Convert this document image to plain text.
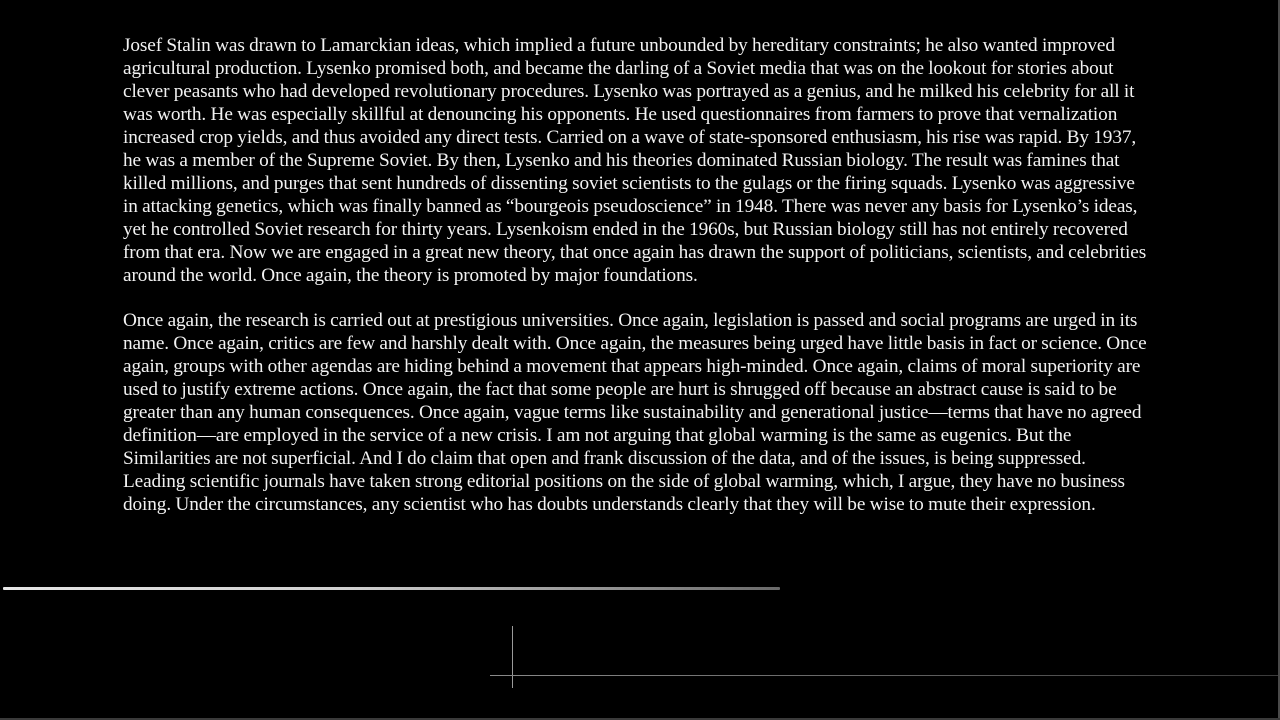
Josef Stalin was drawn to Lamarckian ideas, which implied a future unbounded by hereditary constraints; he also wanted improved agricultural production. Lysenko promised both, and became the darling of a Soviet media that was on the lookout for stories about clever peasants who had developed revolutionary procedures. Lysenko was portrayed as a genius, and he milked his celebrity for all it was worth. He was especially skillful at denouncing his opponents. He used questionnaires from farmers to prove that vernalization increased crop yields, and thus avoided any direct tests. Carried on a wave of state-sponsored enthusiasm, his rise was rapid. By 1937, he was a member of the Supreme Soviet. By then, Lysenko and his theories dominated Russian biology. The result was famines that killed millions, and purges that sent hundreds of dissenting soviet scientists to the gulags or the firing squads. Lysenko was aggressive in attacking genetics, which was finally banned as “bourgeois pseudoscience” in 1948. There was never any basis for Lysenko’s ideas, yet he controlled Soviet research for thirty years. Lysenkoism ended in the 1960s, but Russian biology still has not entirely recovered from that era. Now we are engaged in a great new theory, that once again has drawn the support of politicians, scientists, and celebrities around the world. Once again, the theory is promoted by major foundations.

Once again, the research is carried out at prestigious universities. Once again, legislation is passed and social programs are urged in its name. Once again, critics are few and harshly dealt with. Once again, the measures being urged have little basis in fact or science. Once again, groups with other agendas are hiding behind a movement that appears high-minded. Once again, claims of moral superiority are used to justify extreme actions. Once again, the fact that some people are hurt is shrugged off because an abstract cause is said to be greater than any human consequences. Once again, vague terms like sustainability and generational justice—terms that have no agreed definition—are employed in the service of a new crisis. I am not arguing that global warming is the same as eugenics. But the Similarities are not superficial. And I do claim that open and frank discussion of the data, and of the issues, is being suppressed. Leading scientific journals have taken strong editorial positions on the side of global warming, which, I argue, they have no business doing. Under the circumstances, any scientist who has doubts understands clearly that they will be wise to mute their expression.
